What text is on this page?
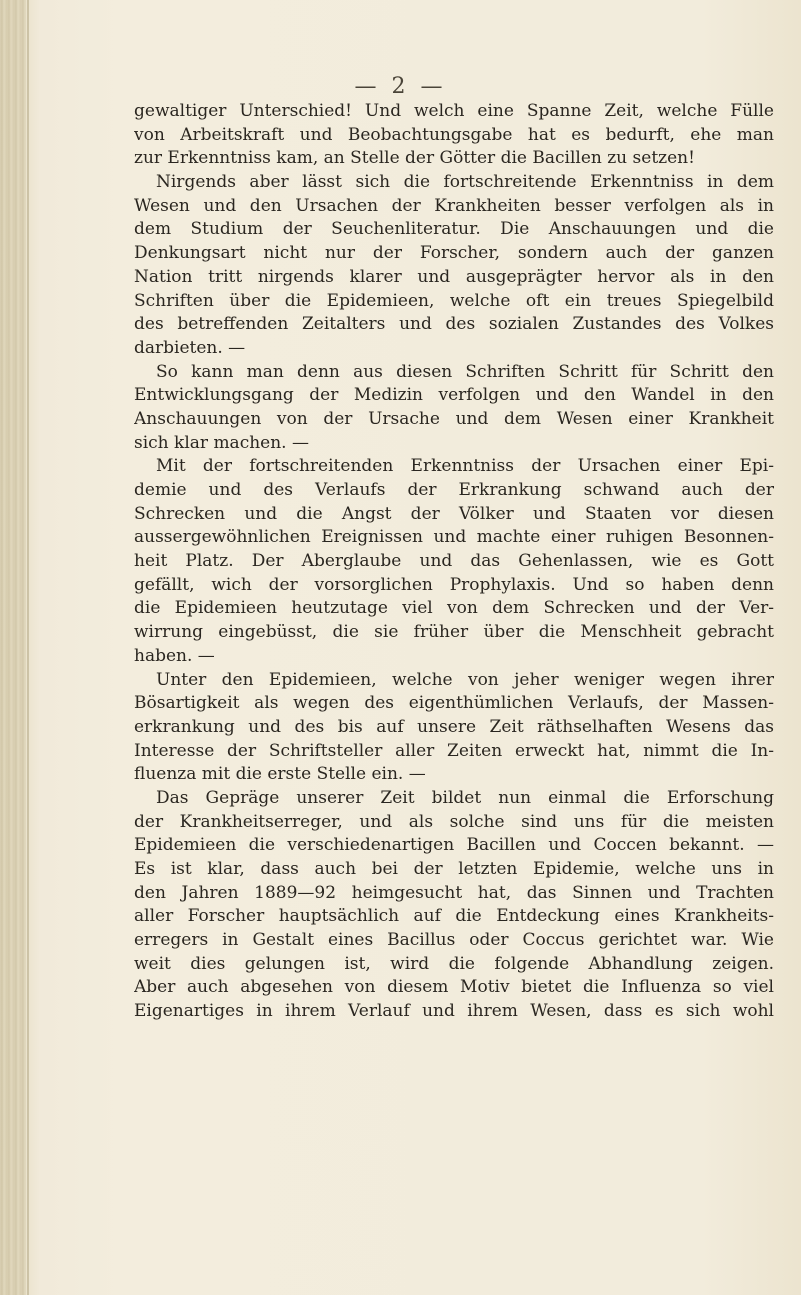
— 2 —
gewaltiger Unterschied! Und welch eine Spanne Zeit, welche Fülle
von Arbeitskraft und Beobachtungsgabe hat es bedurft, ehe man
zur Erkenntniss kam, an Stelle der Götter die Bacillen zu setzen!
Nirgends aber lässt sich die fortschreitende Erkenntniss in dem
Wesen und den Ursachen der Krankheiten besser verfolgen als in
dem Studium der Seuchenliteratur. Die Anschauungen und die
Denkungsart nicht nur der Forscher, sondern auch der ganzen
Nation tritt nirgends klarer und ausgeprägter hervor als in den
Schriften über die Epidemieen, welche oft ein treues Spiegelbild
des betreffenden Zeitalters und des sozialen Zustandes des Volkes
darbieten. —
So kann man denn aus diesen Schriften Schritt für Schritt den
Entwicklungsgang der Medizin verfolgen und den Wandel in den
Anschauungen von der Ursache und dem Wesen einer Krankheit
sich klar machen. —
Mit der fortschreitenden Erkenntniss der Ursachen einer Epi-
demie und des Verlaufs der Erkrankung schwand auch der
Schrecken und die Angst der Völker und Staaten vor diesen
aussergewöhnlichen Ereignissen und machte einer ruhigen Besonnen-
heit Platz. Der Aberglaube und das Gehenlassen, wie es Gott
gefällt, wich der vorsorglichen Prophylaxis. Und so haben denn
die Epidemieen heutzutage viel von dem Schrecken und der Ver-
wirrung eingebüsst, die sie früher über die Menschheit gebracht
haben. —
Unter den Epidemieen, welche von jeher weniger wegen ihrer
Bösartigkeit als wegen des eigenthümlichen Verlaufs, der Massen-
erkrankung und des bis auf unsere Zeit räthselhaften Wesens das
Interesse der Schriftsteller aller Zeiten erweckt hat, nimmt die In-
fluenza mit die erste Stelle ein. —
Das Gepräge unserer Zeit bildet nun einmal die Erforschung
der Krankheitserreger, und als solche sind uns für die meisten
Epidemieen die verschiedenartigen Bacillen und Coccen bekannt. —
Es ist klar, dass auch bei der letzten Epidemie, welche uns in
den Jahren 1889—92 heimgesucht hat, das Sinnen und Trachten
aller Forscher hauptsächlich auf die Entdeckung eines Krankheits-
erregers in Gestalt eines Bacillus oder Coccus gerichtet war. Wie
weit dies gelungen ist, wird die folgende Abhandlung zeigen.
Aber auch abgesehen von diesem Motiv bietet die Influenza so viel
Eigenartiges in ihrem Verlauf und ihrem Wesen, dass es sich wohl
